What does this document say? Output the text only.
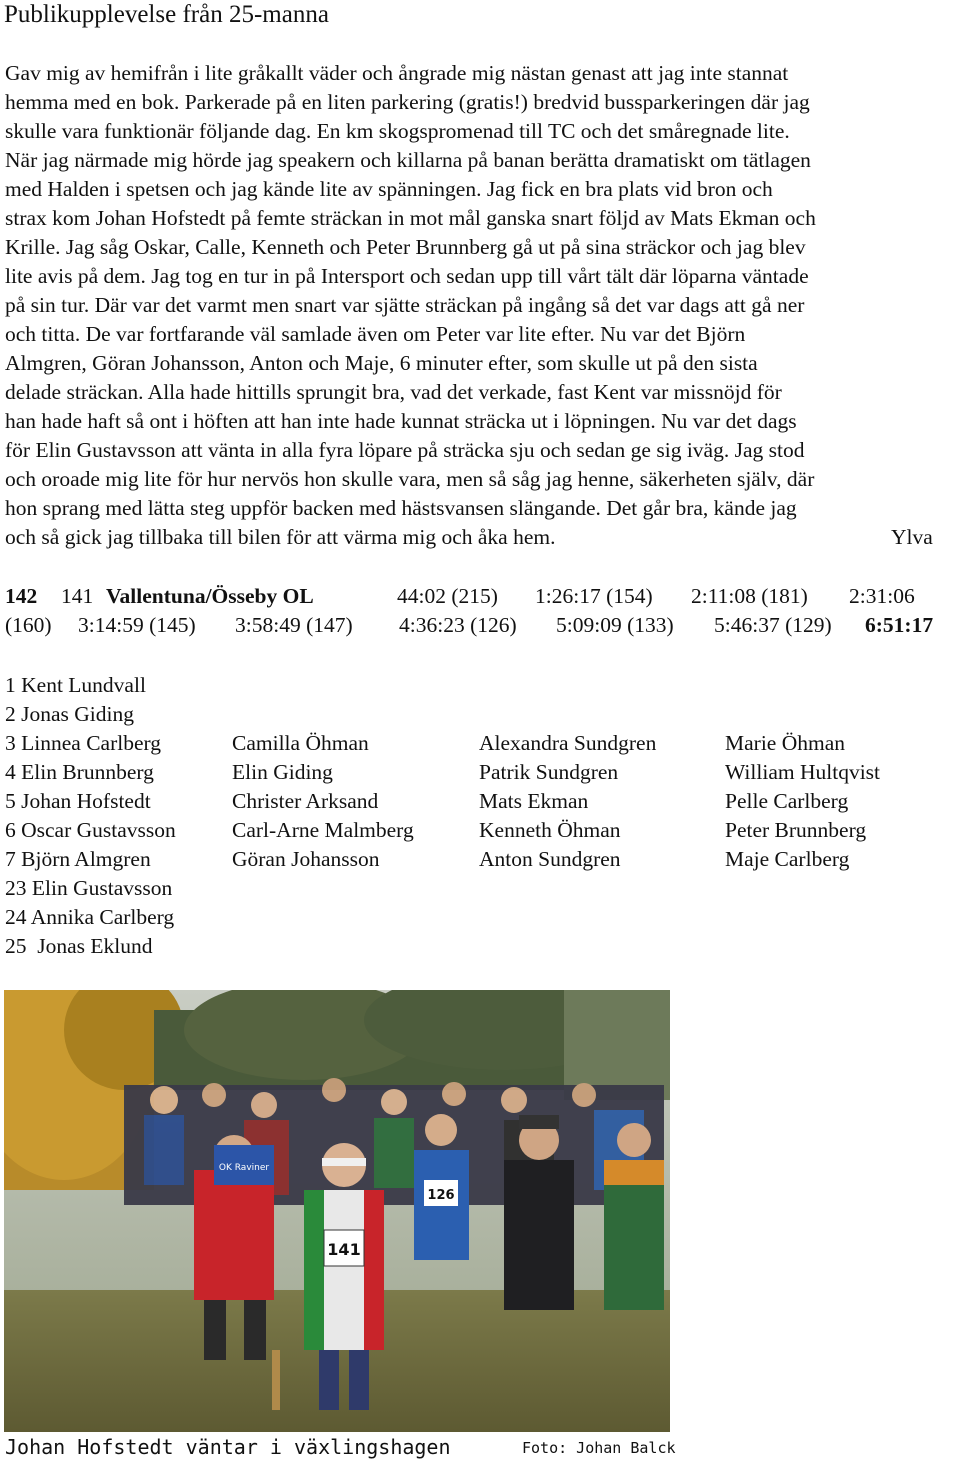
Publikupplevelse från 25-manna
Gav mig av hemifrån i lite gråkallt väder och ångrade mig nästan genast att jag inte stannat
hemma med en bok. Parkerade på en liten parkering (gratis!) bredvid bussparkeringen där jag
skulle vara funktionär följande dag. En km skogspromenad till TC och det småregnade lite.
När jag närmade mig hörde jag speakern och killarna på banan berätta dramatiskt om tätlagen
med Halden i spetsen och jag kände lite av spänningen. Jag fick en bra plats vid bron och
strax kom Johan Hofstedt på femte sträckan in mot mål ganska snart följd av Mats Ekman och
Krille. Jag såg Oskar, Calle, Kenneth och Peter Brunnberg gå ut på sina sträckor och jag blev
lite avis på dem. Jag tog en tur in på Intersport och sedan upp till vårt tält där löparna väntade
på sin tur. Där var det varmt men snart var sjätte sträckan på ingång så det var dags att gå ner
och titta. De var fortfarande väl samlade även om Peter var lite efter. Nu var det Björn
Almgren, Göran Johansson, Anton och Maje, 6 minuter efter, som skulle ut på den sista
delade sträckan. Alla hade hittills sprungit bra, vad det verkade, fast Kent var missnöjd för
han hade haft så ont i höften att han inte hade kunnat sträcka ut i löpningen. Nu var det dags
för Elin Gustavsson att vänta in alla fyra löpare på sträcka sju och sedan ge sig iväg. Jag stod
och oroade mig lite för hur nervös hon skulle vara, men så såg jag henne, säkerheten själv, där
hon sprang med lätta steg uppför backen med hästsvansen slängande. Det går bra, kände jag
och så gick jag tillbaka till bilen för att värma mig och åka hem.	Ylva
142 141 Vallentuna/Össeby OL	44:02 (215) 1:26:17 (154) 2:11:08 (181) 2:31:06
(160) 3:14:59 (145) 3:58:49 (147) 4:36:23 (126) 5:09:09 (133) 5:46:37 (129) 6:51:17
1 Kent Lundvall
2 Jonas Giding
3 Linnea Carlberg	Camilla Öhman	Alexandra Sundgren	Marie Öhman
4 Elin Brunnberg	Elin Giding	Patrik Sundgren	William Hultqvist
5 Johan Hofstedt	Christer Arksand	Mats Ekman	Pelle Carlberg
6 Oscar Gustavsson	Carl-Arne Malmberg	Kenneth Öhman	Peter Brunnberg
7 Björn Almgren	Göran Johansson	Anton Sundgren	Maje Carlberg
23 Elin Gustavsson
24 Annika Carlberg
25  Jonas Eklund
141
126
OK Raviner
Johan Hofstedt väntar i växlingshagen	Foto: Johan Balck
